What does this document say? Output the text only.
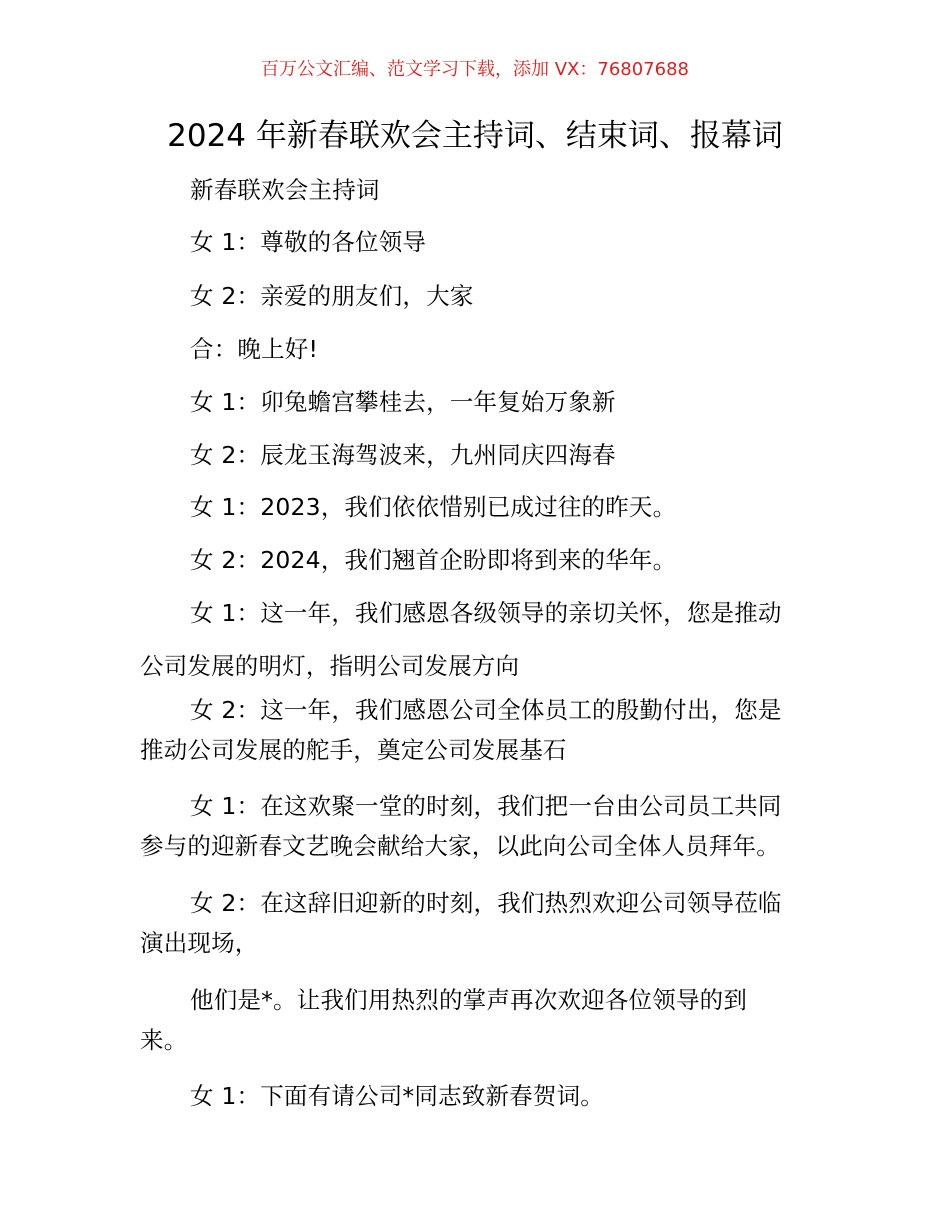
百万公文汇编、范文学习下载，添加 VX：76807688
2024 年新春联欢会主持词、结束词、报幕词
新春联欢会主持词
女 1：尊敬的各位领导
女 2：亲爱的朋友们，大家
合：晚上好!
女 1：卯兔蟾宫攀桂去，一年复始万象新
女 2：辰龙玉海驾波来，九州同庆四海春
女 1：2023，我们依依惜别已成过往的昨天。
女 2：2024，我们翘首企盼即将到来的华年。
女 1：这一年，我们感恩各级领导的亲切关怀，您是推动
公司发展的明灯，指明公司发展方向
女 2：这一年，我们感恩公司全体员工的殷勤付出，您是
推动公司发展的舵手，奠定公司发展基石
女 1：在这欢聚一堂的时刻，我们把一台由公司员工共同
参与的迎新春文艺晚会献给大家，以此向公司全体人员拜年。
女 2：在这辞旧迎新的时刻，我们热烈欢迎公司领导莅临
演出现场，
他们是*。让我们用热烈的掌声再次欢迎各位领导的到
来。
女 1：下面有请公司*同志致新春贺词。
